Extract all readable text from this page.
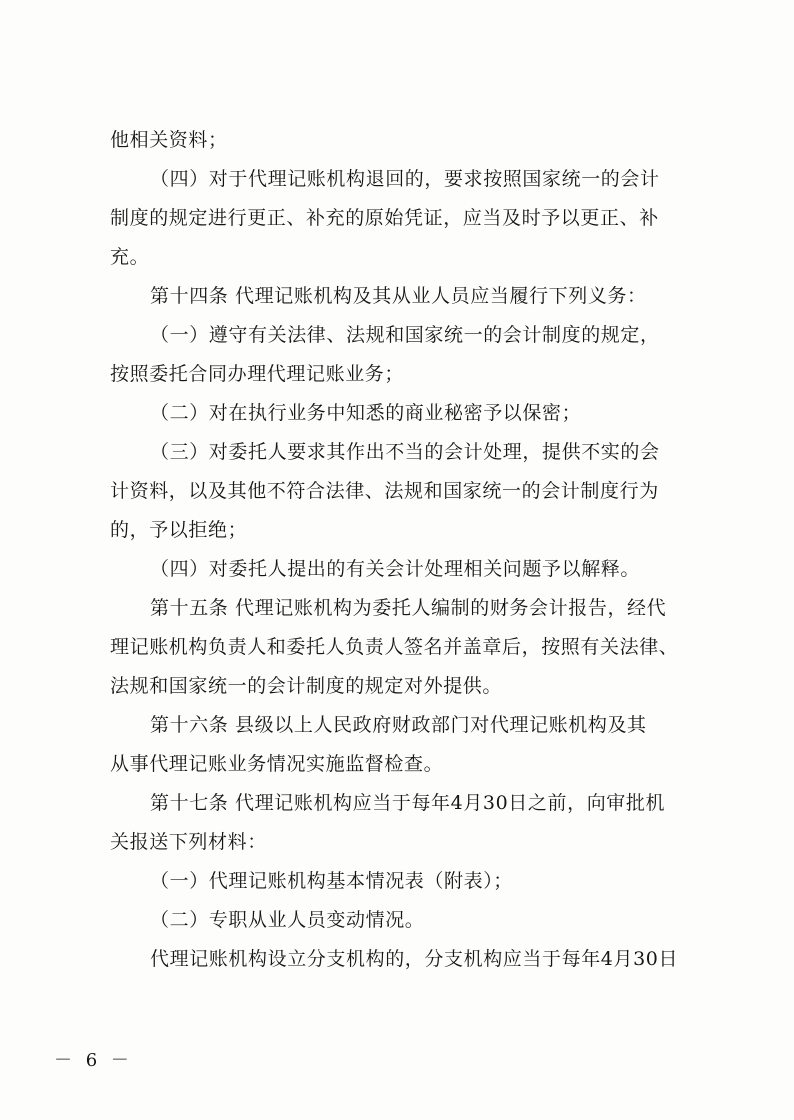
他相关资料；
（四）对于代理记账机构退回的，要求按照国家统一的会计
制度的规定进行更正、补充的原始凭证，应当及时予以更正、补
充。
第十四条 代理记账机构及其从业人员应当履行下列义务：
（一）遵守有关法律、法规和国家统一的会计制度的规定，
按照委托合同办理代理记账业务；
（二）对在执行业务中知悉的商业秘密予以保密；
（三）对委托人要求其作出不当的会计处理，提供不实的会
计资料，以及其他不符合法律、法规和国家统一的会计制度行为
的，予以拒绝；
（四）对委托人提出的有关会计处理相关问题予以解释。
第十五条 代理记账机构为委托人编制的财务会计报告，经代
理记账机构负责人和委托人负责人签名并盖章后，按照有关法律、
法规和国家统一的会计制度的规定对外提供。
第十六条 县级以上人民政府财政部门对代理记账机构及其
从事代理记账业务情况实施监督检查。
第十七条 代理记账机构应当于每年4月30日之前，向审批机
关报送下列材料：
（一）代理记账机构基本情况表（附表）；
（二）专职从业人员变动情况。
代理记账机构设立分支机构的，分支机构应当于每年4月30日
－ 6 －
